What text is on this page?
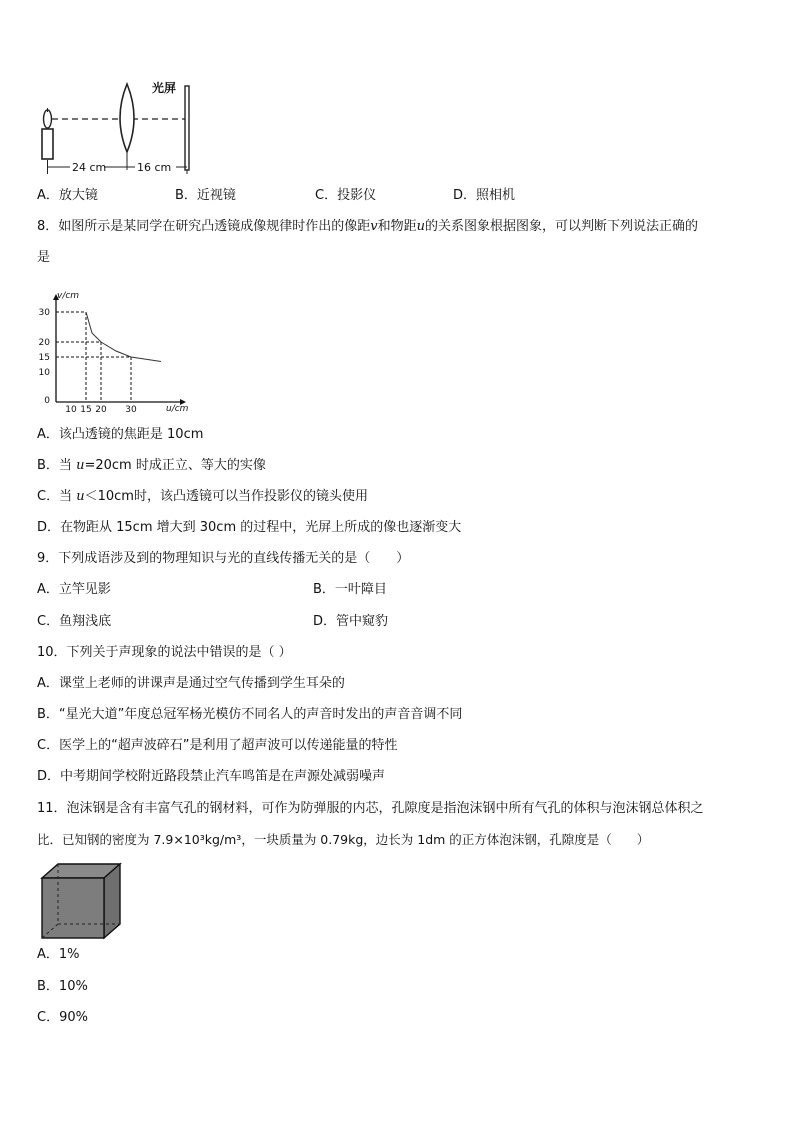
光屏
24 cm	16 cm
A．放大镜	B．近视镜	C．投影仪	D．照相机
8．如图所示是某同学在研究凸透镜成像规律时作出的像距v和物距u的关系图象根据图象，可以判断下列说法正确的
是
v/cm
u/cm
30
20
15
10
0
10 15 20 30
A．该凸透镜的焦距是 10cm
B．当 u=20cm 时成正立、等大的实像
C．当 u＜10cm时，该凸透镜可以当作投影仪的镜头使用
D．在物距从 15cm 增大到 30cm 的过程中，光屏上所成的像也逐渐变大
9．下列成语涉及到的物理知识与光的直线传播无关的是（　　）
A．立竿见影	B．一叶障目
C．鱼翔浅底	D．管中窥豹
10．下列关于声现象的说法中错误的是（ ）
A．课堂上老师的讲课声是通过空气传播到学生耳朵的
B．“星光大道”年度总冠军杨光模仿不同名人的声音时发出的声音音调不同
C．医学上的“超声波碎石”是利用了超声波可以传递能量的特性
D．中考期间学校附近路段禁止汽车鸣笛是在声源处减弱噪声
11．泡沫钢是含有丰富气孔的钢材料，可作为防弹服的内芯，孔隙度是指泡沫钢中所有气孔的体积与泡沫钢总体积之
比．已知钢的密度为 7.9×10³kg/m³，一块质量为 0.79kg，边长为 1dm 的正方体泡沫钢，孔隙度是（　　）
A．1%
B．10%
C．90%
